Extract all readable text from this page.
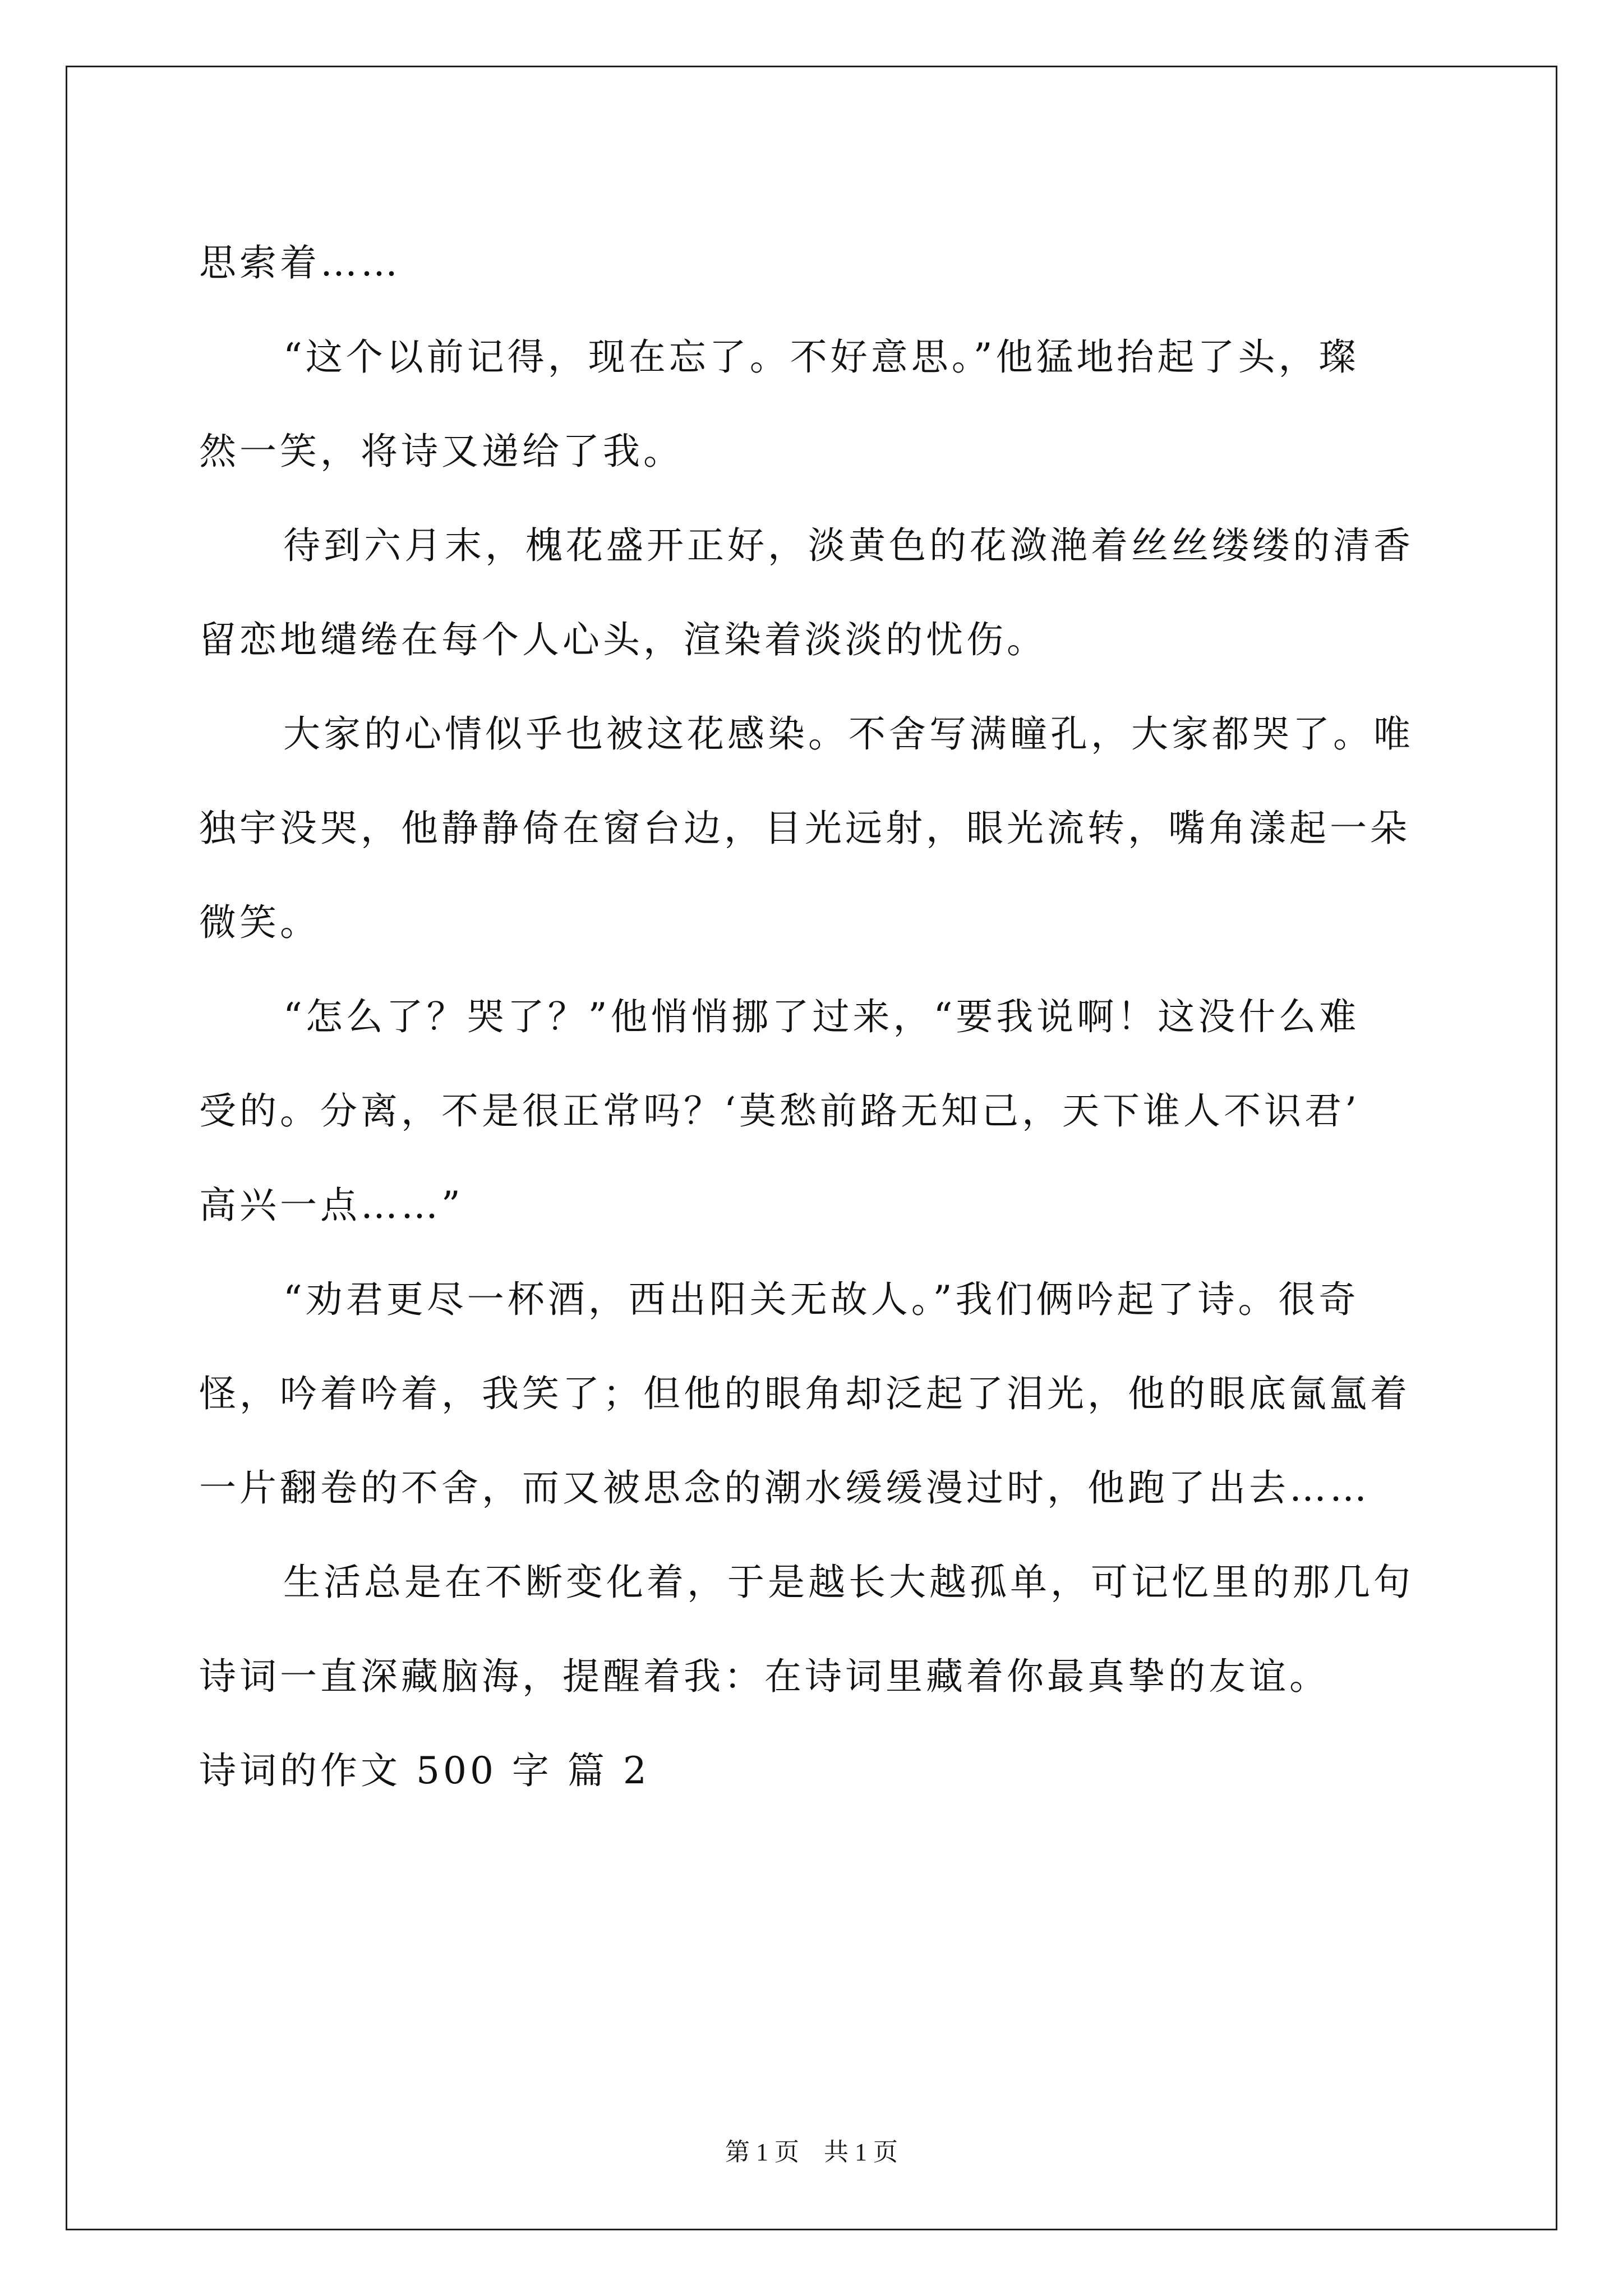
思索着……

“这个以前记得，现在忘了。不好意思。”他猛地抬起了头，璨
然一笑，将诗又递给了我。

待到六月末，槐花盛开正好，淡黄色的花潋滟着丝丝缕缕的清香
留恋地缱绻在每个人心头，渲染着淡淡的忧伤。

大家的心情似乎也被这花感染。不舍写满瞳孔，大家都哭了。唯
独宇没哭，他静静倚在窗台边，目光远射，眼光流转，嘴角漾起一朵
微笑。

“怎么了？哭了？”他悄悄挪了过来，“要我说啊！这没什么难
受的。分离，不是很正常吗？‘莫愁前路无知己，天下谁人不识君’
高兴一点……”

“劝君更尽一杯酒，西出阳关无故人。”我们俩吟起了诗。很奇
怪，吟着吟着，我笑了；但他的眼角却泛起了泪光，他的眼底氤氲着
一片翻卷的不舍，而又被思念的潮水缓缓漫过时，他跑了出去……

生活总是在不断变化着，于是越长大越孤单，可记忆里的那几句
诗词一直深藏脑海，提醒着我：在诗词里藏着你最真挚的友谊。

诗词的作文 500 字 篇 2

第 1 页　共 1 页
